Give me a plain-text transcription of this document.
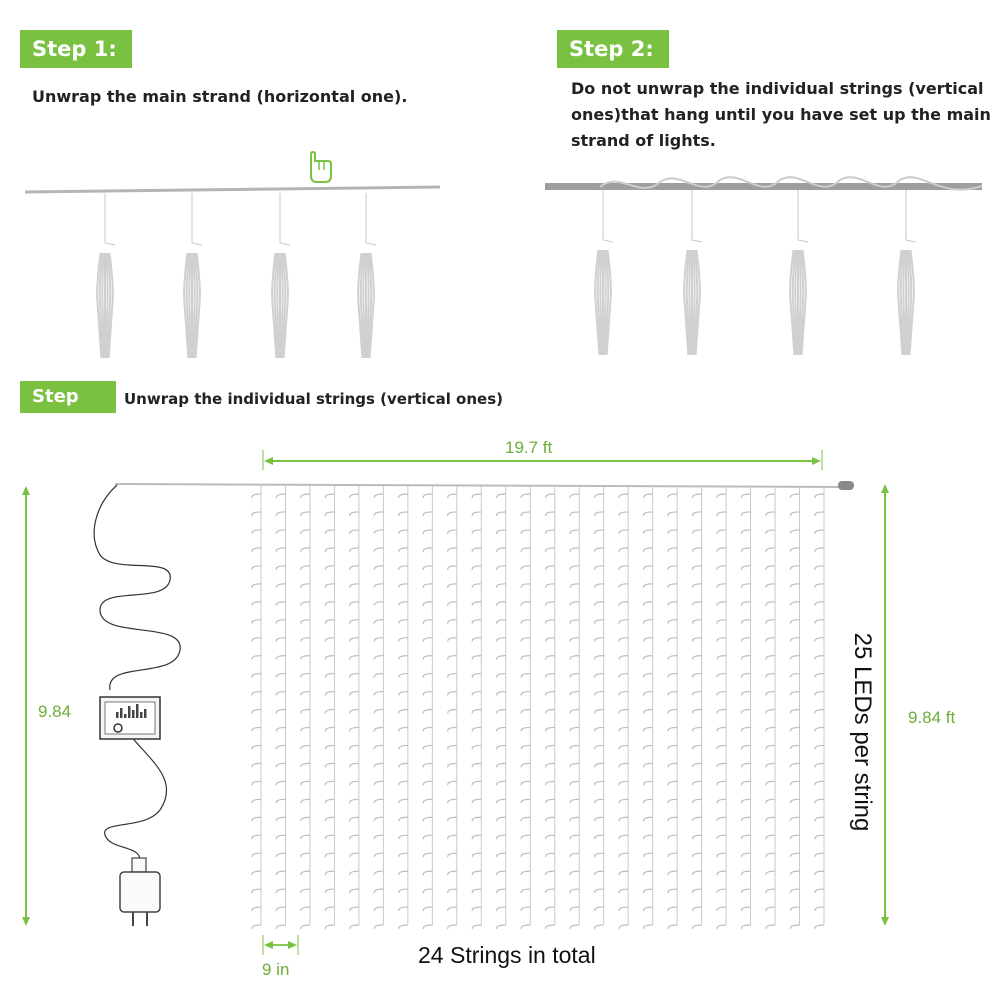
Step 1:	Step 2:
Step 3:
Unwrap the main strand (horizontal one).	Do not unwrap the individual strings (vertical ones)that hang until you have set up the main strand of lights.
Unwrap the individual strings (vertical ones)
19.7 ft
9.84	9.84 ft
9 in
25 LEDs per string
24 Strings in total
